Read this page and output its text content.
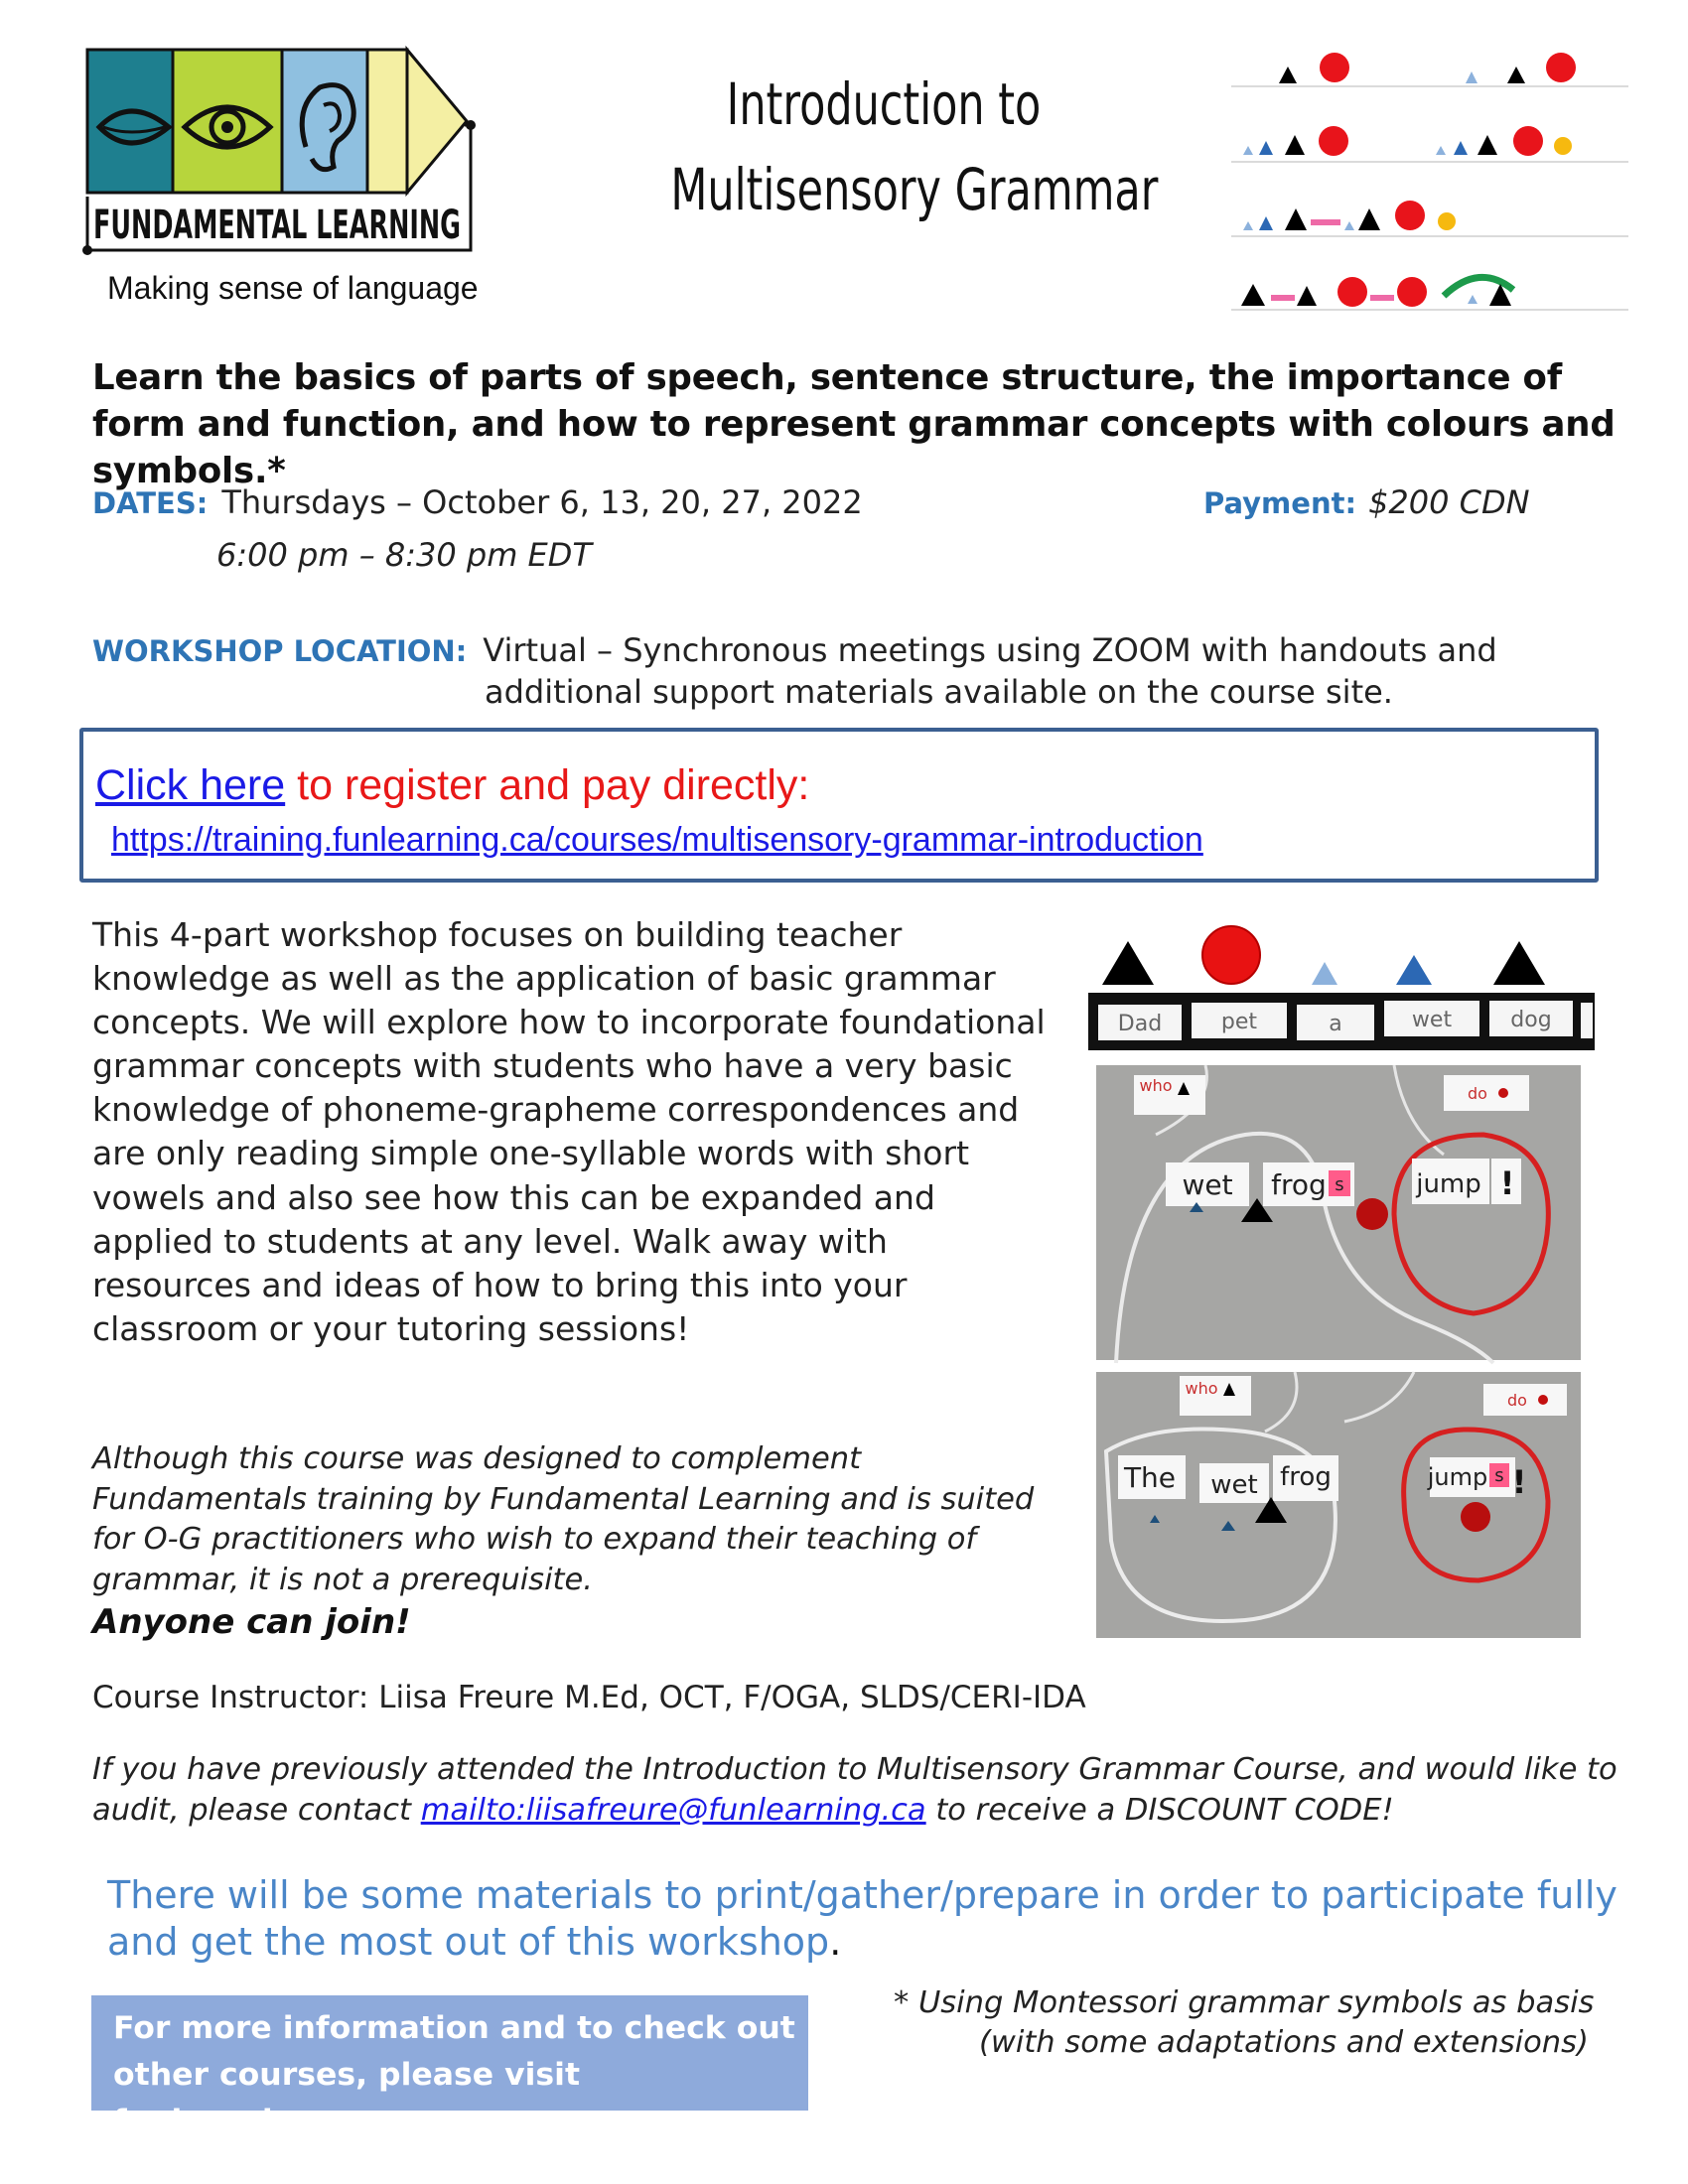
FUNDAMENTAL LEARNING
Making sense of language
Introduction to
Multisensory Grammar
Learn the basics of parts of speech, sentence structure, the importance of form and function, and how to represent grammar concepts with colours and symbols.*
DATES: Thursdays – October 6, 13, 20, 27, 2022
6:00 pm – 8:30 pm EDT
Payment: $200 CDN
WORKSHOP LOCATION: Virtual – Synchronous meetings using ZOOM with handouts and
additional support materials available on the course site.
Click here to register and pay directly:
https://training.funlearning.ca/courses/multisensory-grammar-introduction
This 4-part workshop focuses on building teacher knowledge as well as the application of basic grammar concepts. We will explore how to incorporate foundational grammar concepts with students who have a very basic knowledge of phoneme-grapheme correspondences and are only reading simple one-syllable words with short vowels and also see how this can be expanded and applied to students at any level. Walk away with resources and ideas of how to bring this into your classroom or your tutoring sessions!
Although this course was designed to complement Fundamentals training by Fundamental Learning and is suited for O-G practitioners who wish to expand their teaching of grammar, it is not a prerequisite.
Anyone can join!
Course Instructor: Liisa Freure M.Ed, OCT, F/OGA, SLDS/CERI-IDA
If you have previously attended the Introduction to Multisensory Grammar Course, and would like to audit, please contact mailto:liisafreure@funlearning.ca to receive a DISCOUNT CODE!
There will be some materials to print/gather/prepare in order to participate fully and get the most out of this workshop.
For more information and to check out other courses, please visit funlearning.ca
* Using Montessori grammar symbols as basis
(with some adaptations and extensions)
Dad	pet	a	wet	dog
who	do
wet frog s	jump !
who
do
The wet frog	jump s !
